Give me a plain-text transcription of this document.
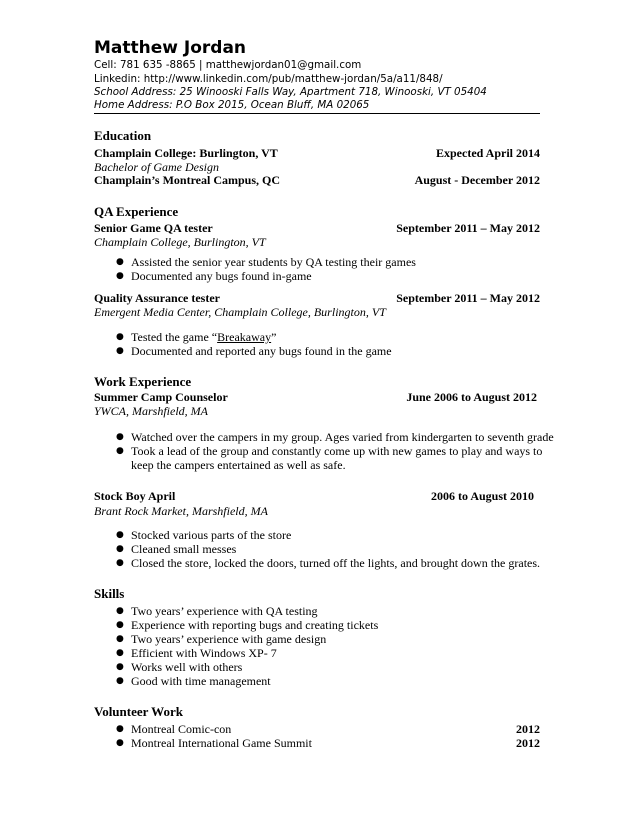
Matthew Jordan
Cell: 781 635 -8865 | matthewjordan01@gmail.com
Linkedin: http://www.linkedin.com/pub/matthew-jordan/5a/a11/848/
School Address: 25 Winooski Falls Way, Apartment 718, Winooski, VT 05404
Home Address: P.O Box 2015, Ocean Bluff, MA 02065
Education
Champlain College: Burlington, VT	Expected April 2014
Bachelor of Game Design
Champlain’s Montreal Campus, QC	August - December 2012
QA Experience
Senior Game QA tester	September 2011 – May 2012
Champlain College, Burlington, VT
● Assisted the senior year students by QA testing their games
● Documented any bugs found in-game
Quality Assurance tester	September 2011 – May 2012
Emergent Media Center, Champlain College, Burlington, VT
● Tested the game “Breakaway”
● Documented and reported any bugs found in the game
Work Experience
Summer Camp Counselor	June 2006 to August 2012
YWCA, Marshfield, MA
● Watched over the campers in my group. Ages varied from kindergarten to seventh grade
● Took a lead of the group and constantly come up with new games to play and ways to
keep the campers entertained as well as safe.
Stock Boy April	2006 to August 2010
Brant Rock Market, Marshfield, MA
● Stocked various parts of the store
● Cleaned small messes
● Closed the store, locked the doors, turned off the lights, and brought down the grates.
Skills
● Two years’ experience with QA testing
● Experience with reporting bugs and creating tickets
● Two years’ experience with game design
● Efficient with Windows XP- 7
● Works well with others
● Good with time management
Volunteer Work
● Montreal Comic-con	2012
● Montreal International Game Summit	2012
